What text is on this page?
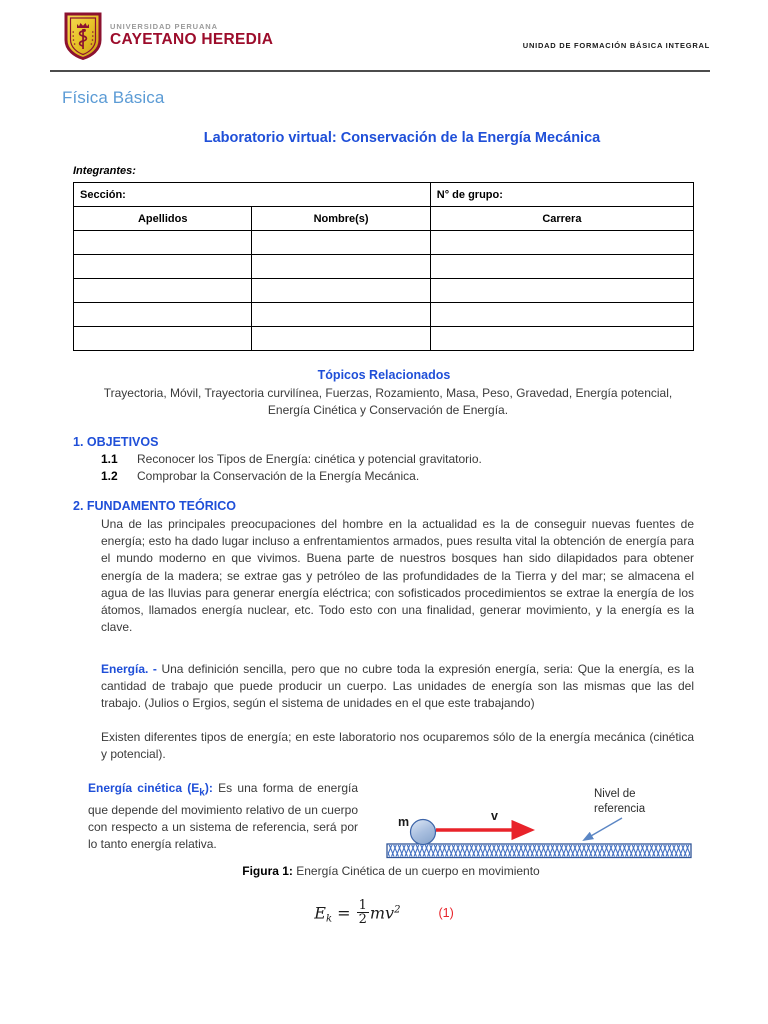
UNIVERSIDAD PERUANA
CAYETANO HEREDIA	UNIDAD DE FORMACIÓN BÁSICA INTEGRAL
Física Básica
Laboratorio virtual: Conservación de la Energía Mecánica
Integrantes:
Sección:		N° de grupo:
Apellidos	Nombre(s)	Carrera

Tópicos Relacionados
Trayectoria, Móvil, Trayectoria curvilínea, Fuerzas, Rozamiento, Masa, Peso, Gravedad, Energía potencial, Energía Cinética y Conservación de Energía.
1. OBJETIVOS
1.1 Reconocer los Tipos de Energía: cinética y potencial gravitatorio.
1.2 Comprobar la Conservación de la Energía Mecánica.
2. FUNDAMENTO TEÓRICO
Una de las principales preocupaciones del hombre en la actualidad es la de conseguir nuevas fuentes de energía; esto ha dado lugar incluso a enfrentamientos armados, pues resulta vital la obtención de energía para el mundo moderno en que vivimos. Buena parte de nuestros bosques han sido dilapidados para obtener energía de la madera; se extrae gas y petróleo de las profundidades de la Tierra y del mar; se almacena el agua de las lluvias para generar energía eléctrica; con sofisticados procedimientos se extrae la energía de los átomos, llamados energía nuclear, etc. Todo esto con una finalidad, generar movimiento, y la energía es la clave.
Energía. - Una definición sencilla, pero que no cubre toda la expresión energía, seria: Que la energía, es la cantidad de trabajo que puede producir un cuerpo. Las unidades de energía son las mismas que las del trabajo. (Julios o Ergios, según el sistema de unidades en el que este trabajando)
Existen diferentes tipos de energía; en este laboratorio nos ocuparemos sólo de la energía mecánica (cinética y potencial).
Energía cinética $(E_k)$: Es una forma de energía que depende del movimiento relativo de un cuerpo con respecto a un sistema de referencia, será por lo tanto energía relativa.
m	v
Nivel de
referencia
Figura 1: Energía Cinética de un cuerpo en movimiento
$Ek = \frac{1}{2} mv^2$	(1)
